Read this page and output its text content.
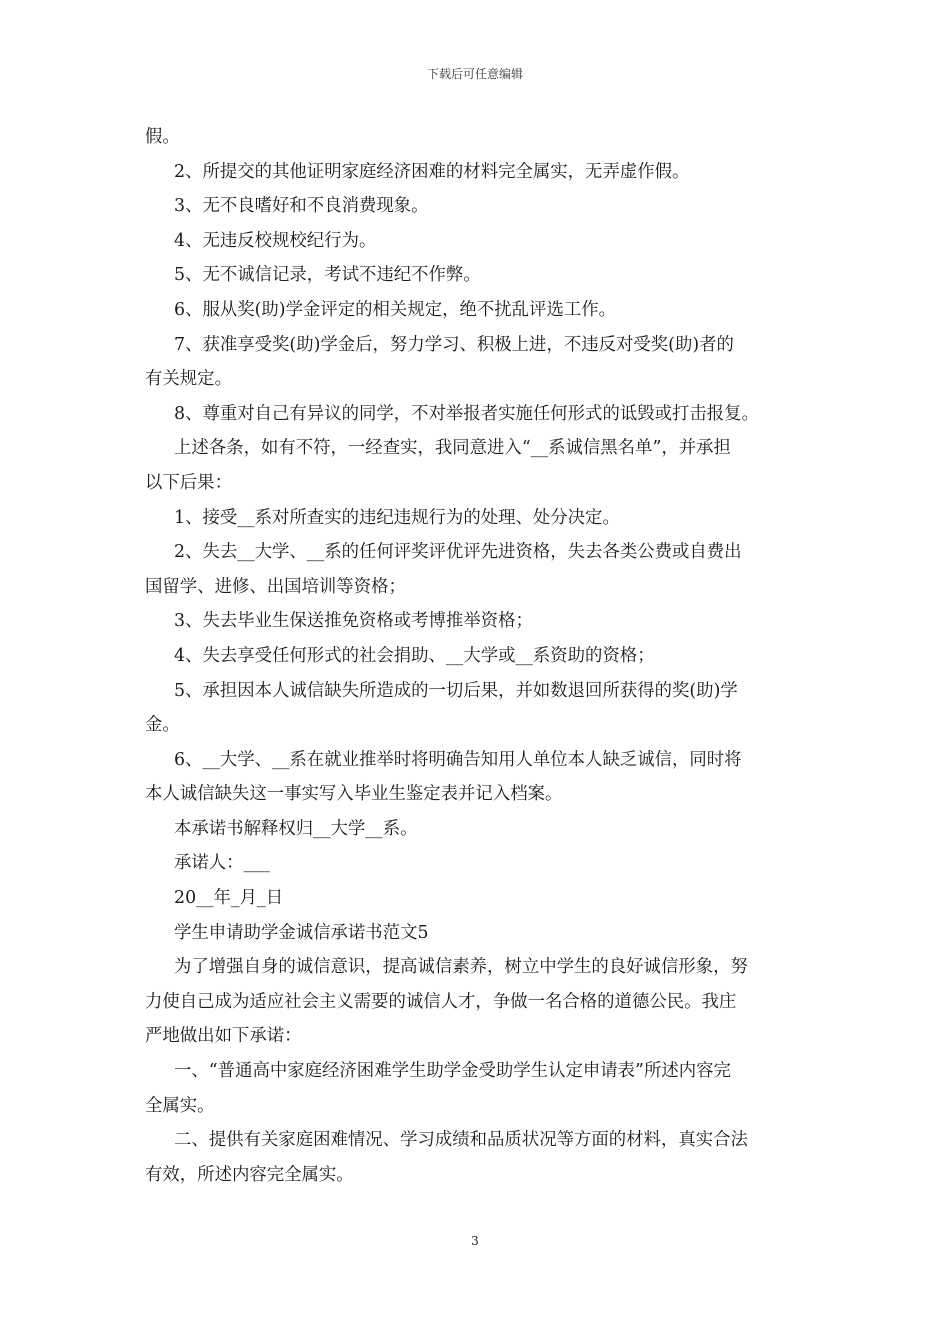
下载后可任意编辑
假。
2、所提交的其他证明家庭经济困难的材料完全属实，无弄虚作假。
3、无不良嗜好和不良消费现象。
4、无违反校规校纪行为。
5、无不诚信记录，考试不违纪不作弊。
6、服从奖(助)学金评定的相关规定，绝不扰乱评选工作。
7、获准享受奖(助)学金后，努力学习、积极上进，不违反对受奖(助)者的
有关规定。
8、尊重对自己有异议的同学，不对举报者实施任何形式的诋毁或打击报复。
上述各条，如有不符，一经查实，我同意进入“__系诚信黑名单”，并承担
以下后果：
1、接受__系对所查实的违纪违规行为的处理、处分决定。
2、失去__大学、__系的任何评奖评优评先进资格，失去各类公费或自费出
国留学、进修、出国培训等资格；
3、失去毕业生保送推免资格或考博推举资格；
4、失去享受任何形式的社会捐助、__大学或__系资助的资格；
5、承担因本人诚信缺失所造成的一切后果，并如数退回所获得的奖(助)学
金。
6、__大学、__系在就业推举时将明确告知用人单位本人缺乏诚信，同时将
本人诚信缺失这一事实写入毕业生鉴定表并记入档案。
本承诺书解释权归__大学__系。
承诺人：___
20__年_月_日
学生申请助学金诚信承诺书范文5
为了增强自身的诚信意识，提高诚信素养，树立中学生的良好诚信形象，努
力使自己成为适应社会主义需要的诚信人才，争做一名合格的道德公民。我庄
严地做出如下承诺：
一、“普通高中家庭经济困难学生助学金受助学生认定申请表”所述内容完
全属实。
二、提供有关家庭困难情况、学习成绩和品质状况等方面的材料，真实合法
有效，所述内容完全属实。
3
